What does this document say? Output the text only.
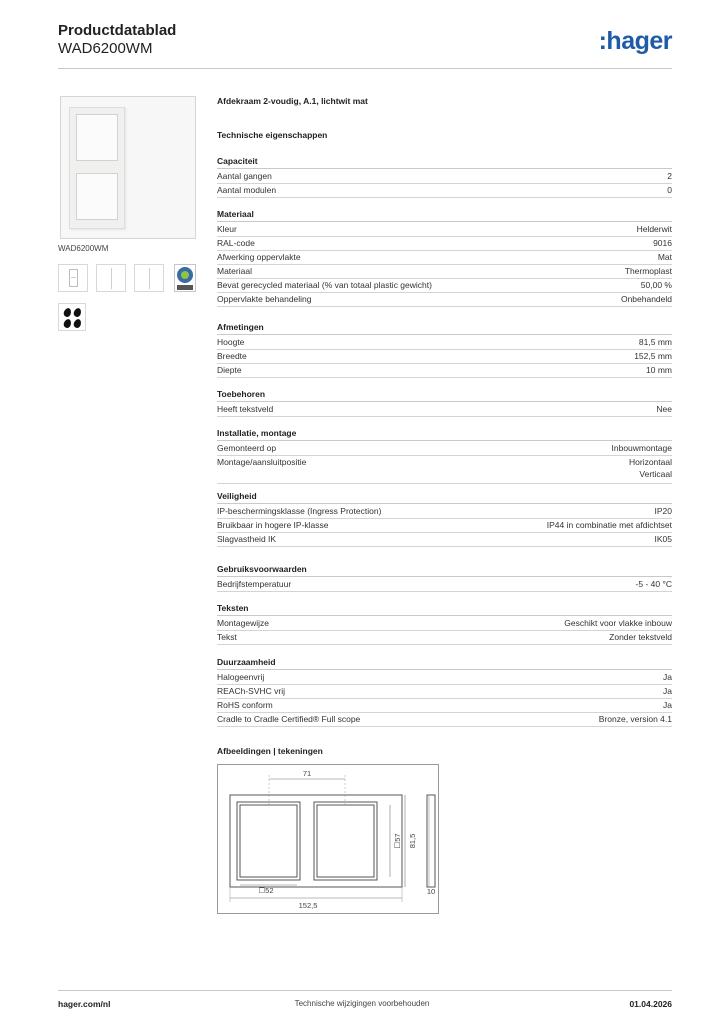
Productdatablad
WAD6200WM	:hager
WAD6200WM
Afdekraam 2-voudig, A.1, lichtwit mat
Technische eigenschappen
Capaciteit
Aantal gangen	2
Aantal modulen	0
Materiaal
Kleur	Helderwit
RAL-code	9016
Afwerking oppervlakte	Mat
Materiaal	Thermoplast
Bevat gerecycled materiaal (% van totaal plastic gewicht)	50,00 %
Oppervlakte behandeling	Onbehandeld
Afmetingen
Hoogte	81,5 mm
Breedte	152,5 mm
Diepte	10 mm
Toebehoren
Heeft tekstveld	Nee
Installatie, montage
Gemonteerd op	Inbouwmontage
Montage/aansluitpositie	Horizontaal
Verticaal
Veiligheid
IP-beschermingsklasse (Ingress Protection)	IP20
Bruikbaar in hogere IP-klasse	IP44 in combinatie met afdichtset
Slagvastheid IK	IK05
Gebruiksvoorwaarden
Bedrijfstemperatuur	-5 - 40 °C
Teksten
Montagewijze	Geschikt voor vlakke inbouw
Tekst	Zonder tekstveld
Duurzaamheid
Halogeenvrij	Ja
REACh-SVHC vrij	Ja
RoHS conform	Ja
Cradle to Cradle Certified® Full scope	Bronze, version 4.1
Afbeeldingen | tekeningen
71
☐57 81,5
☐52
152,5
10
hager.com/nl	Technische wijzigingen voorbehouden	01.04.2026
